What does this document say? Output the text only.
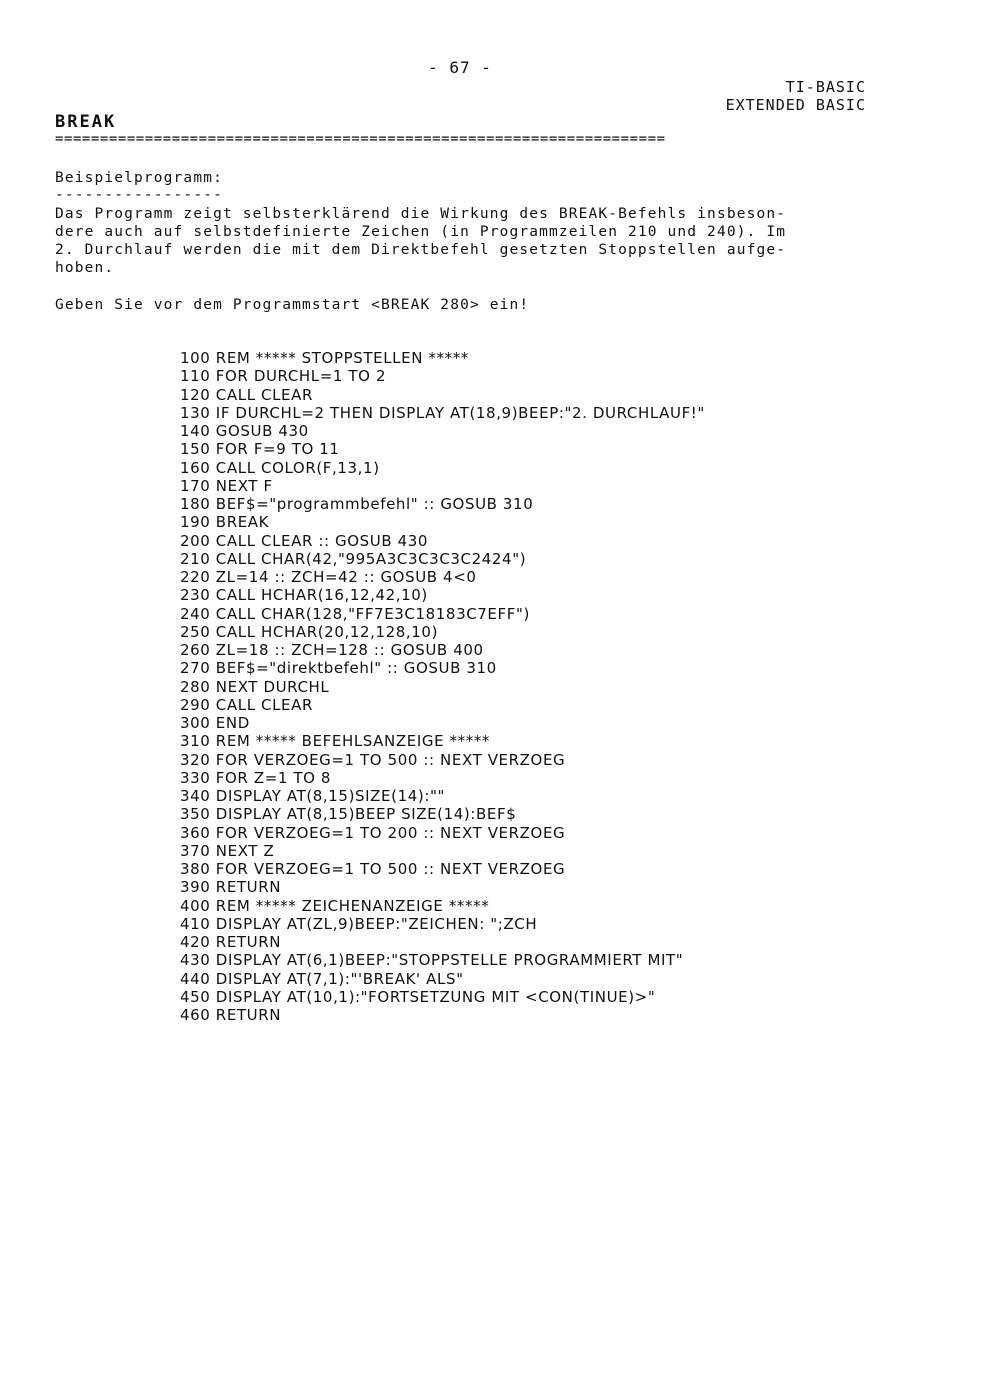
- 67 -
TI-BASIC
EXTENDED BASIC
BREAK
====================================================================
Beispielprogramm:
-----------------
Das Programm zeigt selbsterklärend die Wirkung des BREAK-Befehls insbeson-
dere auch auf selbstdefinierte Zeichen (in Programmzeilen 210 und 240). Im
2. Durchlauf werden die mit dem Direktbefehl gesetzten Stoppstellen aufge-
hoben.
Geben Sie vor dem Programmstart <BREAK 280> ein!
100 REM ***** STOPPSTELLEN *****
110 FOR DURCHL=1 TO 2
120 CALL CLEAR
130 IF DURCHL=2 THEN DISPLAY AT(18,9)BEEP:"2. DURCHLAUF!"
140 GOSUB 430
150 FOR F=9 TO 11
160 CALL COLOR(F,13,1)
170 NEXT F
180 BEF$="programmbefehl" :: GOSUB 310
190 BREAK
200 CALL CLEAR :: GOSUB 430
210 CALL CHAR(42,"995A3C3C3C3C2424")
220 ZL=14 :: ZCH=42 :: GOSUB 4<0
230 CALL HCHAR(16,12,42,10)
240 CALL CHAR(128,"FF7E3C18183C7EFF")
250 CALL HCHAR(20,12,128,10)
260 ZL=18 :: ZCH=128 :: GOSUB 400
270 BEF$="direktbefehl" :: GOSUB 310
280 NEXT DURCHL
290 CALL CLEAR
300 END
310 REM ***** BEFEHLSANZEIGE *****
320 FOR VERZOEG=1 TO 500 :: NEXT VERZOEG
330 FOR Z=1 TO 8
340 DISPLAY AT(8,15)SIZE(14):""
350 DISPLAY AT(8,15)BEEP SIZE(14):BEF$
360 FOR VERZOEG=1 TO 200 :: NEXT VERZOEG
370 NEXT Z
380 FOR VERZOEG=1 TO 500 :: NEXT VERZOEG
390 RETURN
400 REM ***** ZEICHENANZEIGE *****
410 DISPLAY AT(ZL,9)BEEP:"ZEICHEN: ";ZCH
420 RETURN
430 DISPLAY AT(6,1)BEEP:"STOPPSTELLE PROGRAMMIERT MIT"
440 DISPLAY AT(7,1):"'BREAK' ALS"
450 DISPLAY AT(10,1):"FORTSETZUNG MIT <CON(TINUE)>"
460 RETURN
